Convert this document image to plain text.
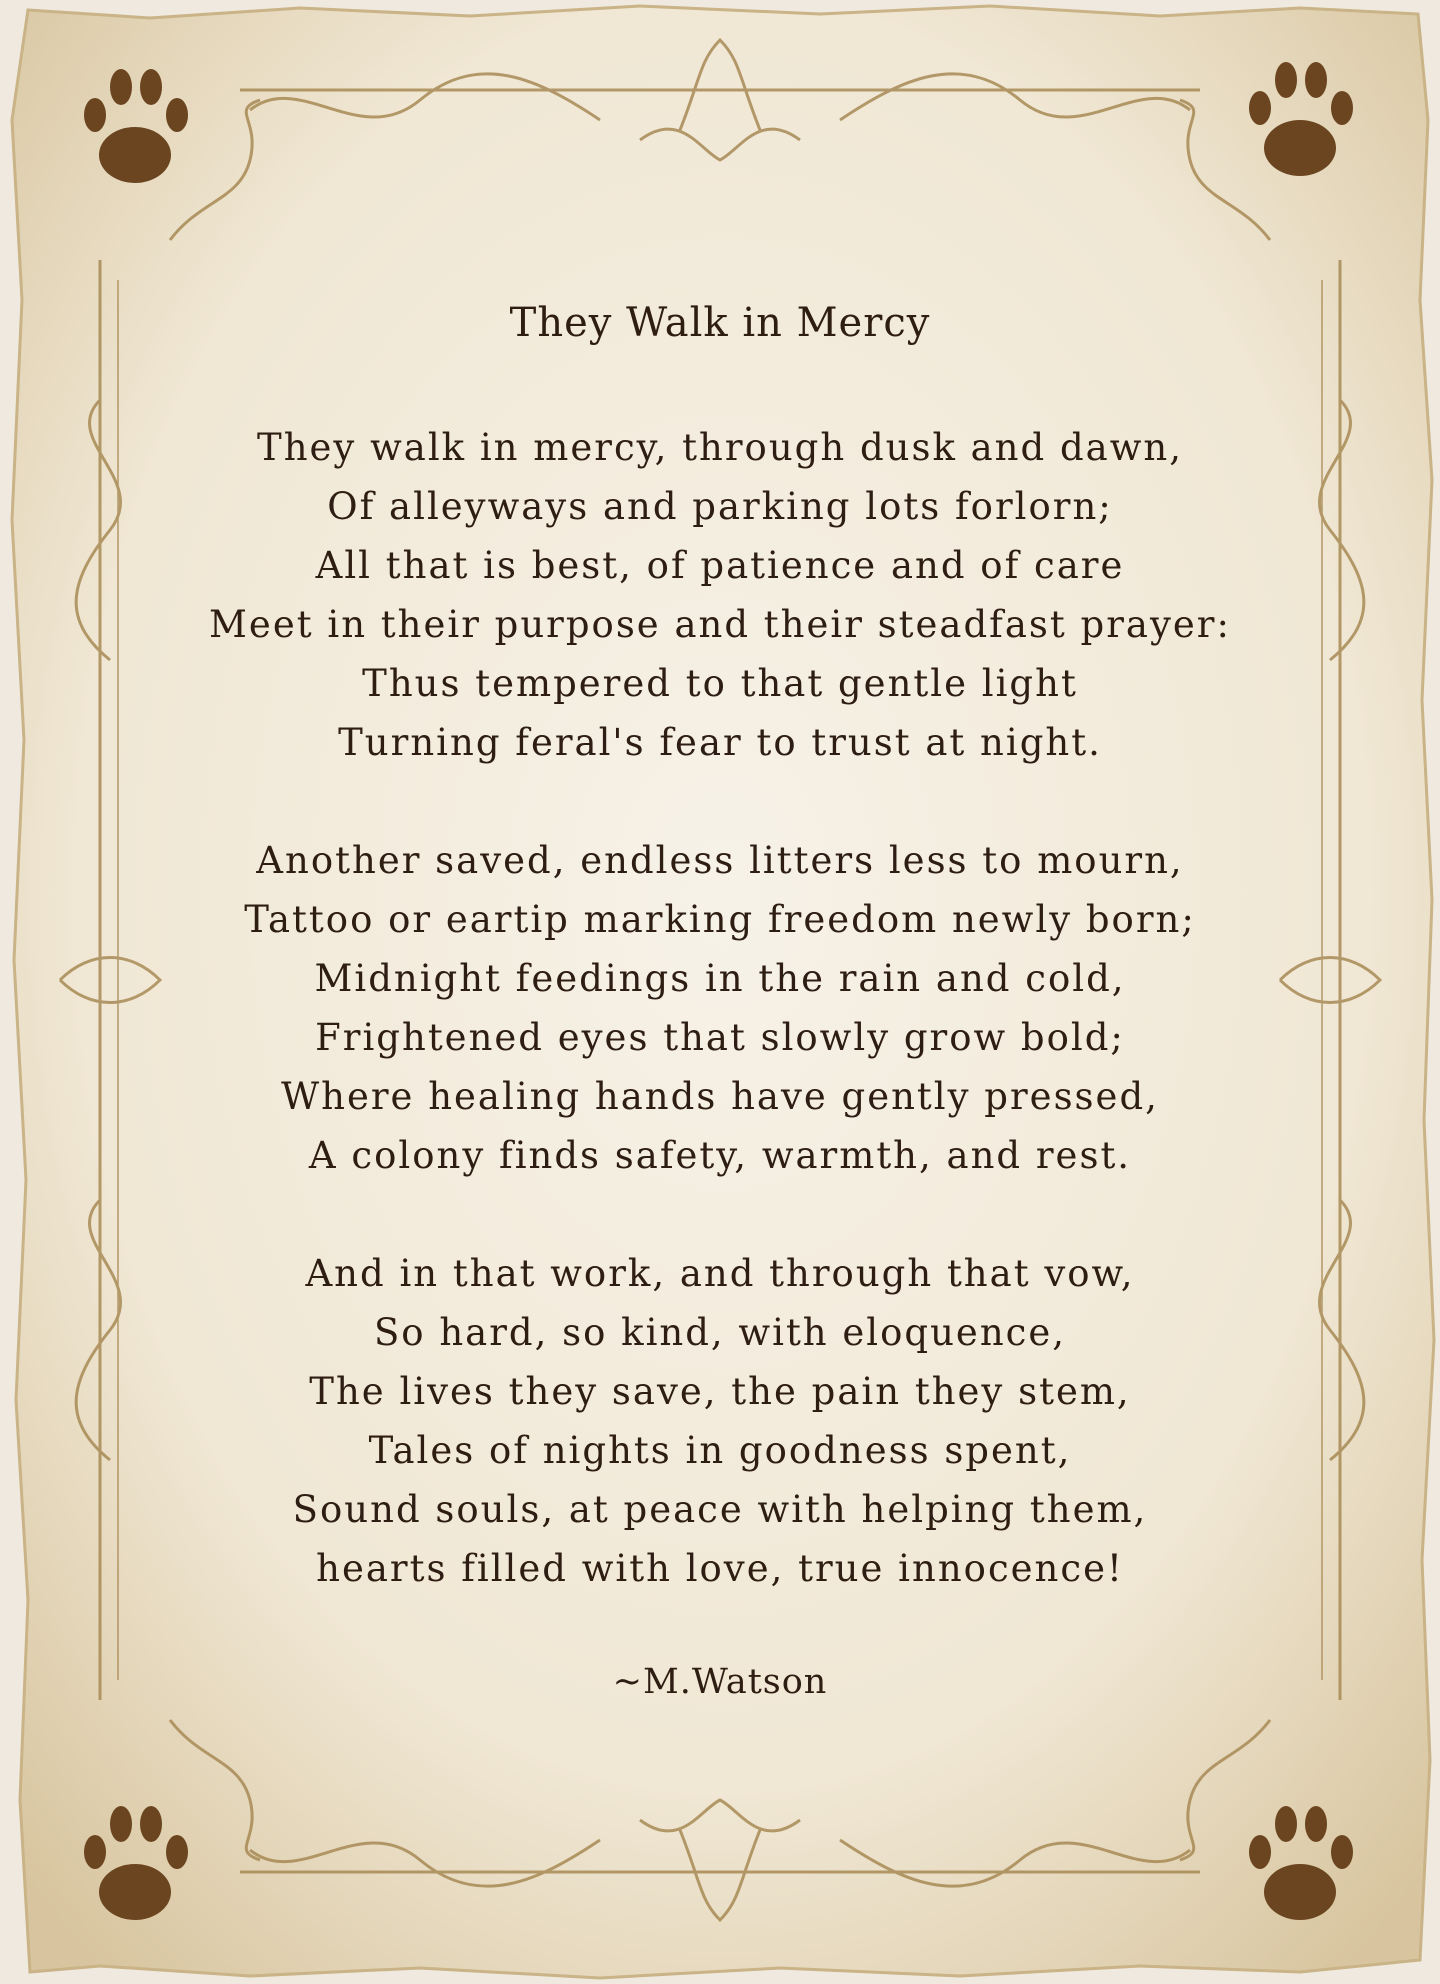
They Walk in Mercy
They walk in mercy, through dusk and dawn,
Of alleyways and parking lots forlorn;
All that is best, of patience and of care
Meet in their purpose and their steadfast prayer:
Thus tempered to that gentle light
Turning feral's fear to trust at night.
Another saved, endless litters less to mourn,
Tattoo or eartip marking freedom newly born;
Midnight feedings in the rain and cold,
Frightened eyes that slowly grow bold;
Where healing hands have gently pressed,
A colony finds safety, warmth, and rest.
And in that work, and through that vow,
So hard, so kind, with eloquence,
The lives they save, the pain they stem,
Tales of nights in goodness spent,
Sound souls, at peace with helping them,
hearts filled with love, true innocence!

~M.Watson
